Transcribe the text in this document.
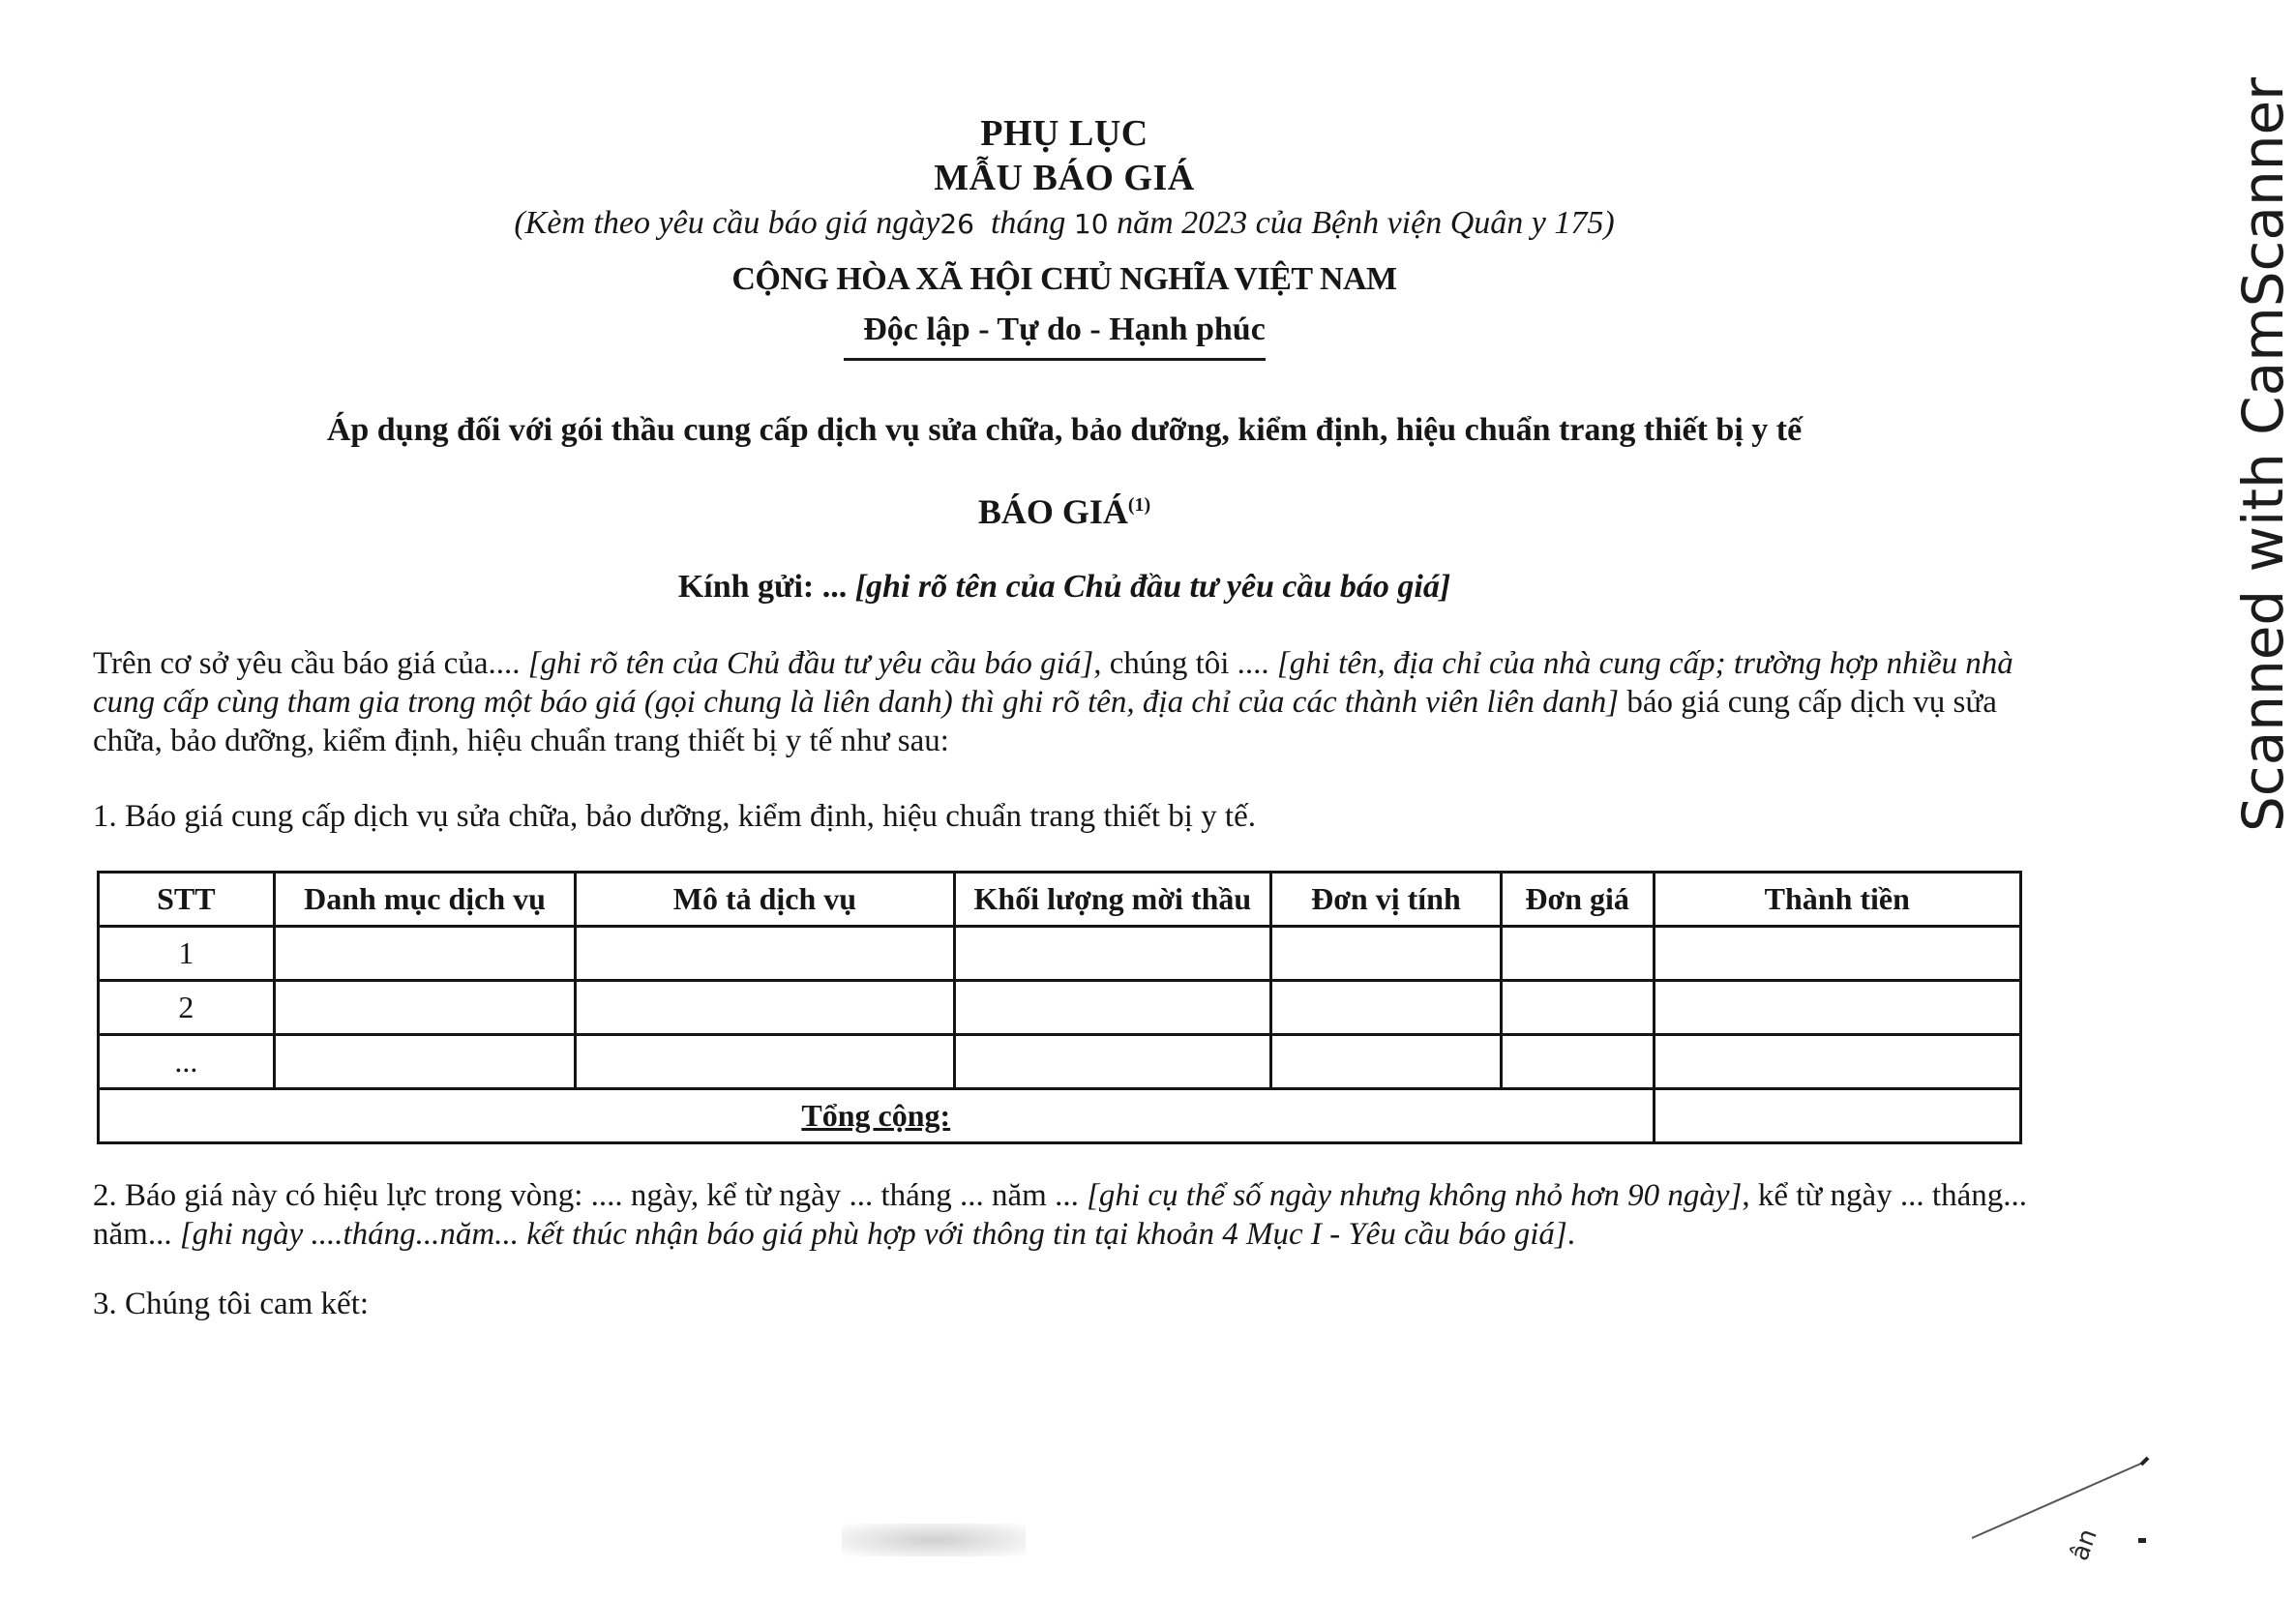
PHỤ LỤC
MẪU BÁO GIÁ
(Kèm theo yêu cầu báo giá ngày26 tháng 10 năm 2023 của Bệnh viện Quân y 175)
CỘNG HÒA XÃ HỘI CHỦ NGHĨA VIỆT NAM
Độc lập - Tự do - Hạnh phúc
Áp dụng đối với gói thầu cung cấp dịch vụ sửa chữa, bảo dưỡng, kiểm định, hiệu chuẩn trang thiết bị y tế
BÁO GIÁ$^{(1)}$
Kính gửi: ... [ghi rõ tên của Chủ đầu tư yêu cầu báo giá]
Trên cơ sở yêu cầu báo giá của.... [ghi rõ tên của Chủ đầu tư yêu cầu báo giá], chúng tôi .... [ghi tên, địa chỉ của nhà cung cấp; trường hợp nhiều nhà cung cấp cùng tham gia trong một báo giá (gọi chung là liên danh) thì ghi rõ tên, địa chỉ của các thành viên liên danh] báo giá cung cấp dịch vụ sửa chữa, bảo dưỡng, kiểm định, hiệu chuẩn trang thiết bị y tế như sau:
1. Báo giá cung cấp dịch vụ sửa chữa, bảo dưỡng, kiểm định, hiệu chuẩn trang thiết bị y tế.
STT	Danh mục dịch vụ	Mô tả dịch vụ	Khối lượng mời thầu	Đơn vị tính	Đơn giá	Thành tiền
1						
2						
...						
Tổng cộng:						
2. Báo giá này có hiệu lực trong vòng: .... ngày, kể từ ngày ... tháng ... năm ... [ghi cụ thể số ngày nhưng không nhỏ hơn 90 ngày], kể từ ngày ... tháng... năm... [ghi ngày ....tháng...năm... kết thúc nhận báo giá phù hợp với thông tin tại khoản 4 Mục I - Yêu cầu báo giá].
3. Chúng tôi cam kết:
Scanned with CamScanner
ân
